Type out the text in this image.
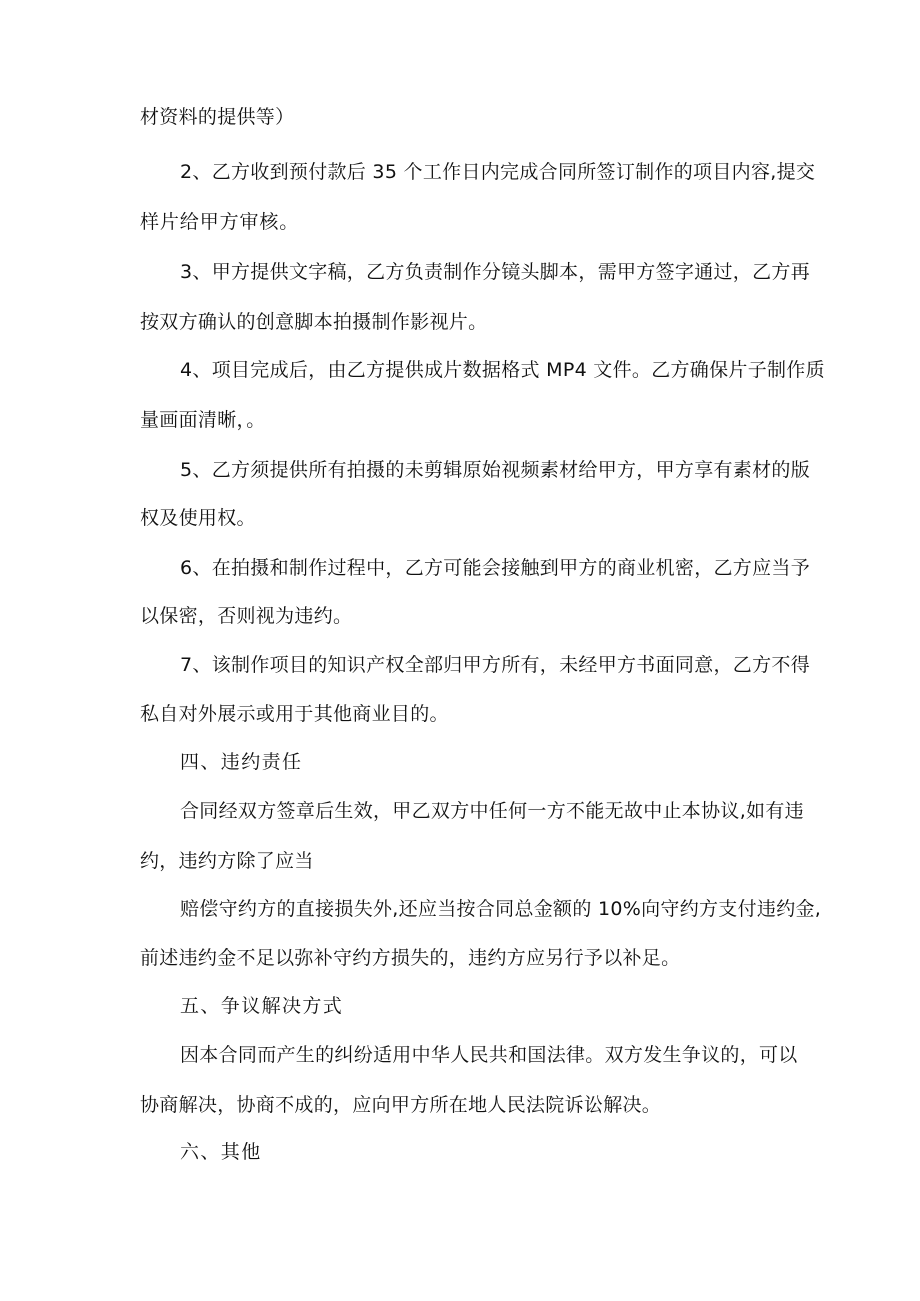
材资料的提供等）
2、乙方收到预付款后 35 个工作日内完成合同所签订制作的项目内容,提交
样片给甲方审核。
3、甲方提供文字稿，乙方负责制作分镜头脚本，需甲方签字通过，乙方再
按双方确认的创意脚本拍摄制作影视片。
4、项目完成后，由乙方提供成片数据格式 MP4 文件。乙方确保片子制作质
量画面清晰，。
5、乙方须提供所有拍摄的未剪辑原始视频素材给甲方，甲方享有素材的版
权及使用权。
6、在拍摄和制作过程中，乙方可能会接触到甲方的商业机密，乙方应当予
以保密，否则视为违约。
7、该制作项目的知识产权全部归甲方所有，未经甲方书面同意，乙方不得
私自对外展示或用于其他商业目的。
四、违约责任
合同经双方签章后生效，甲乙双方中任何一方不能无故中止本协议,如有违
约，违约方除了应当
赔偿守约方的直接损失外,还应当按合同总金额的 10%向守约方支付违约金,
前述违约金不足以弥补守约方损失的，违约方应另行予以补足。
五、争议解决方式
因本合同而产生的纠纷适用中华人民共和国法律。双方发生争议的，可以
协商解决，协商不成的，应向甲方所在地人民法院诉讼解决。
六、其他
